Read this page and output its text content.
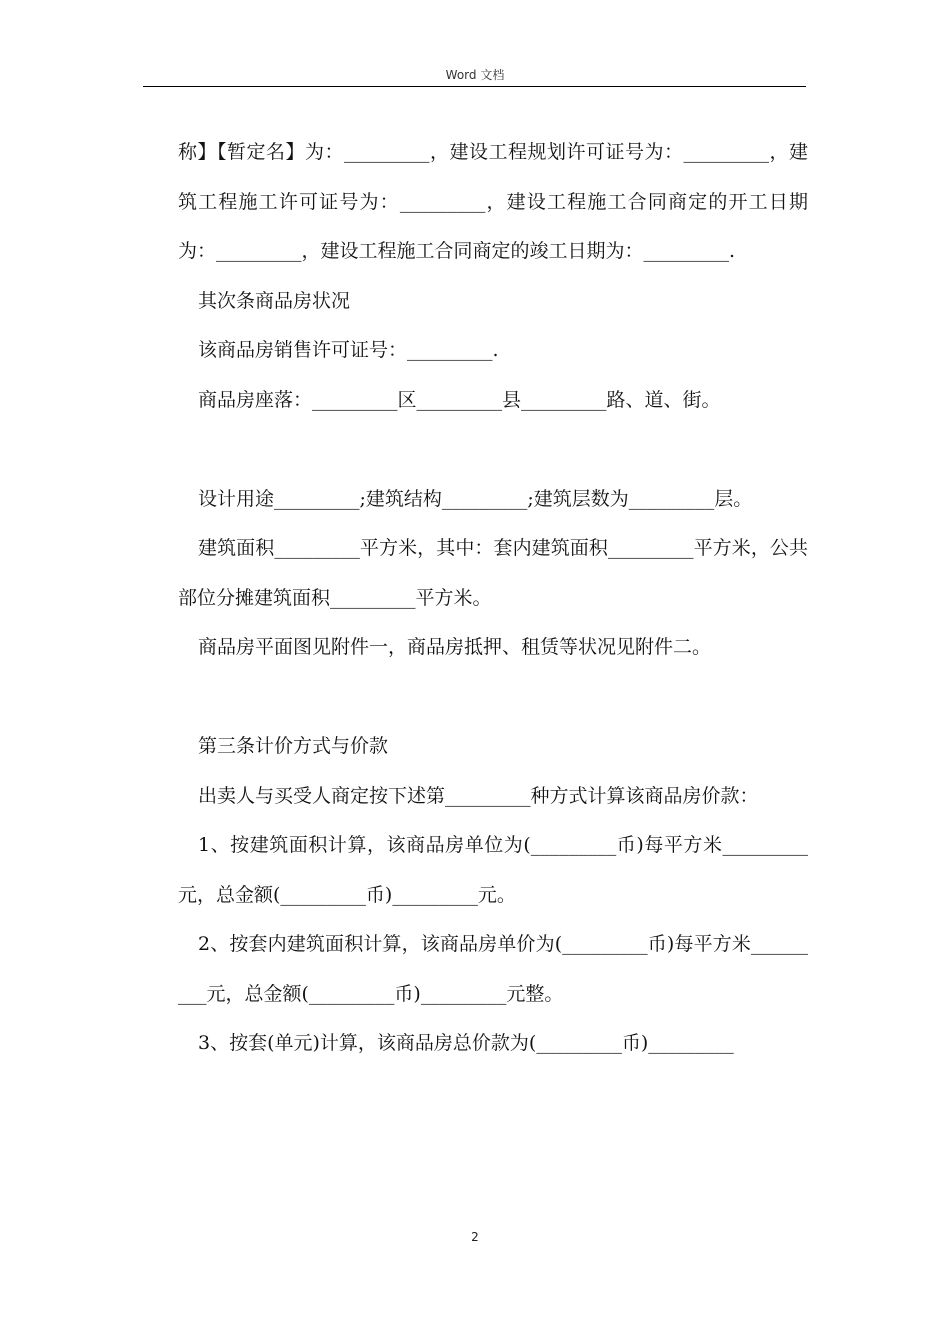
Word 文档

称】【暂定名】为：_________，建设工程规划许可证号为：_________，建筑工程施工许可证号为：_________，建设工程施工合同商定的开工日期为：_________，建设工程施工合同商定的竣工日期为：_________.

其次条商品房状况

该商品房销售许可证号：_________.

商品房座落：_________区_________县_________路、道、街。

设计用途_________;建筑结构_________;建筑层数为_________层。

建筑面积_________平方米，其中：套内建筑面积_________平方米，公共部位分摊建筑面积_________平方米。

商品房平面图见附件一，商品房抵押、租赁等状况见附件二。

第三条计价方式与价款

出卖人与买受人商定按下述第_________种方式计算该商品房价款：

1、按建筑面积计算，该商品房单位为(_________币)每平方米_________元，总金额(_________币)_________元。

2、按套内建筑面积计算，该商品房单价为(_________币)每平方米_________元，总金额(_________币)_________元整。

3、按套(单元)计算，该商品房总价款为(_________币)_________

2
